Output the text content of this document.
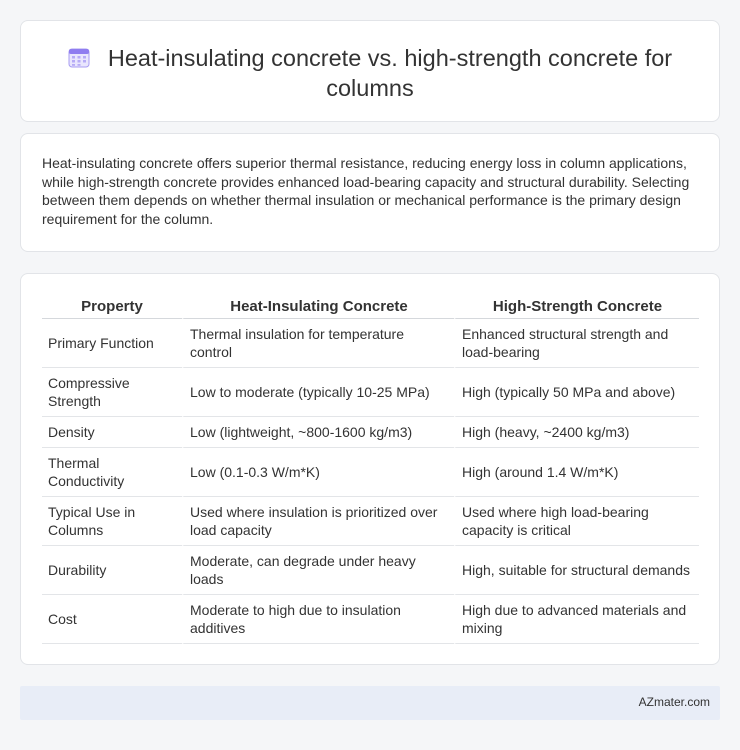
Heat-insulating concrete vs. high-strength concrete for columns

Heat-insulating concrete offers superior thermal resistance, reducing energy loss in column applications, while high-strength concrete provides enhanced load-bearing capacity and structural durability. Selecting between them depends on whether thermal insulation or mechanical performance is the primary design requirement for the column.

Property	Heat-Insulating Concrete	High-Strength Concrete
Primary Function	Thermal insulation for temperature control	Enhanced structural strength and load-bearing
Compressive Strength	Low to moderate (typically 10-25 MPa)	High (typically 50 MPa and above)
Density	Low (lightweight, ~800-1600 kg/m3)	High (heavy, ~2400 kg/m3)
Thermal Conductivity	Low (0.1-0.3 W/m*K)	High (around 1.4 W/m*K)
Typical Use in Columns	Used where insulation is prioritized over load capacity	Used where high load-bearing capacity is critical
Durability	Moderate, can degrade under heavy loads	High, suitable for structural demands
Cost	Moderate to high due to insulation additives	High due to advanced materials and mixing
AZmater.com
